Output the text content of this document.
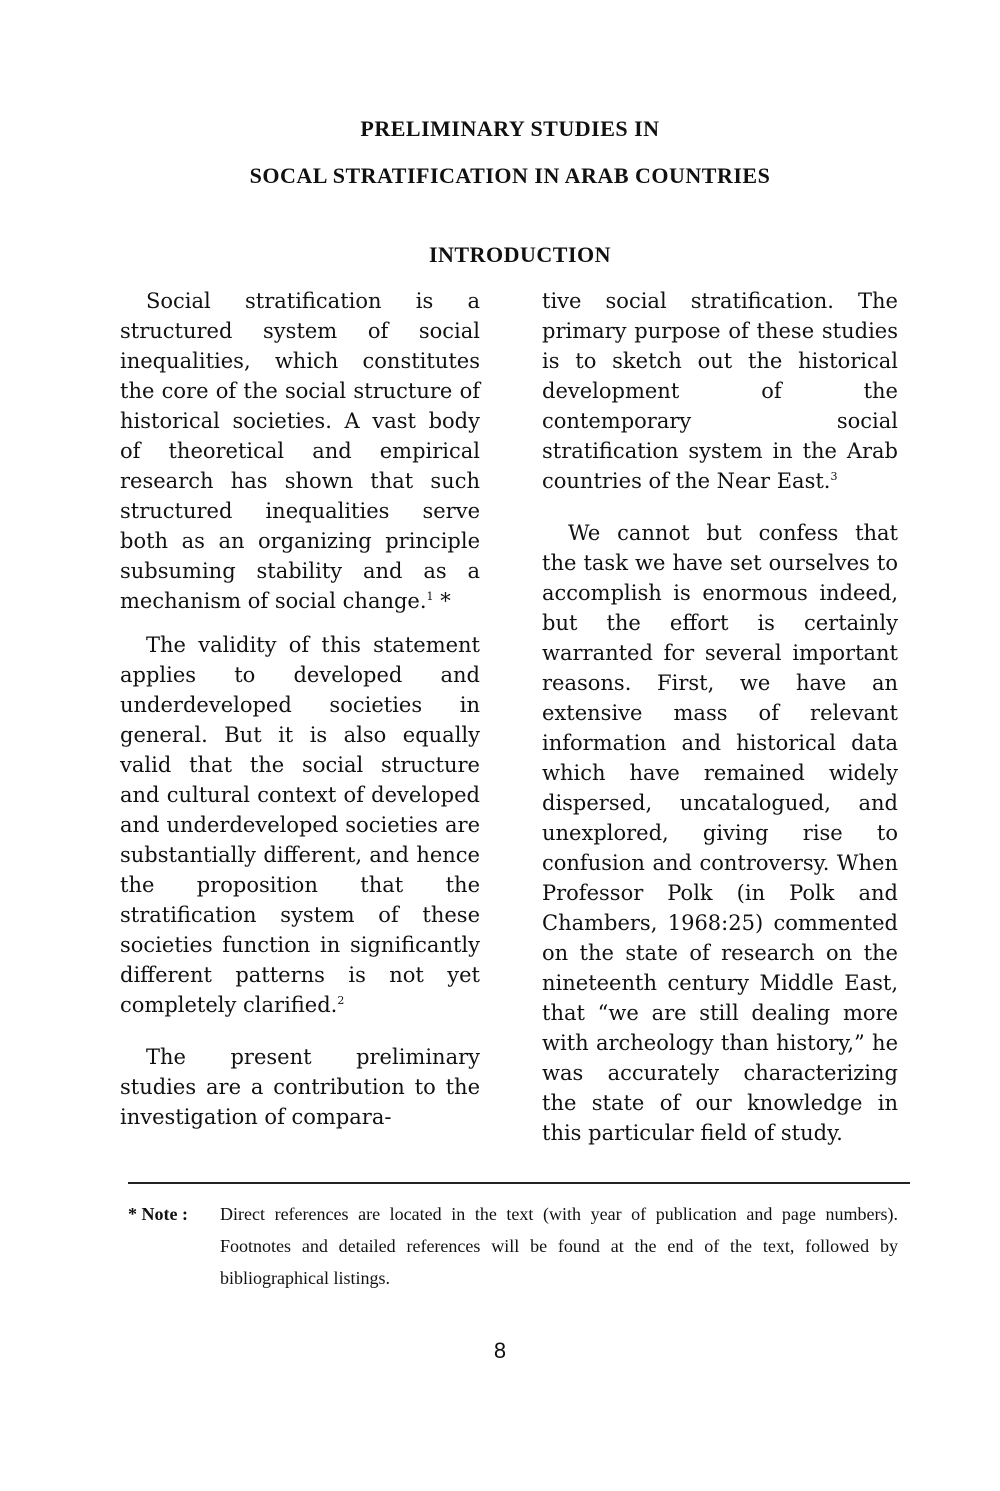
PRELIMINARY STUDIES IN
SOCAL STRATIFICATION IN ARAB COUNTRIES
INTRODUCTION

Social stratification is a structured system of social inequalities, which constitutes the core of the social structure of historical societies. A vast body of theoretical and empirical research has shown that such structured inequalities serve both as an organizing principle subsuming stability and as a mechanism of social change.$^1$ *

The validity of this statement applies to developed and underdeveloped societies in general. But it is also equally valid that the social structure and cultural context of developed and underdeveloped societies are substantially different, and hence the proposition that the stratification system of these societies function in significantly different patterns is not yet completely clarified.$^2$

The present preliminary studies are a contribution to the investigation of compara-

tive social stratification. The primary purpose of these studies is to sketch out the historical development of the contemporary social stratification system in the Arab countries of the Near East.$^3$

We cannot but confess that the task we have set ourselves to accomplish is enormous indeed, but the effort is certainly warranted for several important reasons. First, we have an extensive mass of relevant information and historical data which have remained widely dispersed, uncatalogued, and unexplored, giving rise to confusion and controversy. When Professor Polk (in Polk and Chambers, 1968:25) commented on the state of research on the nineteenth century Middle East, that “we are still dealing more with archeology than history,” he was accurately characterizing the state of our knowledge in this particular field of study.

* Note :	Direct references are located in the text (with year of publication and page numbers). Footnotes and detailed references will be found at the end of the text, followed by bibliographical listings.
8
